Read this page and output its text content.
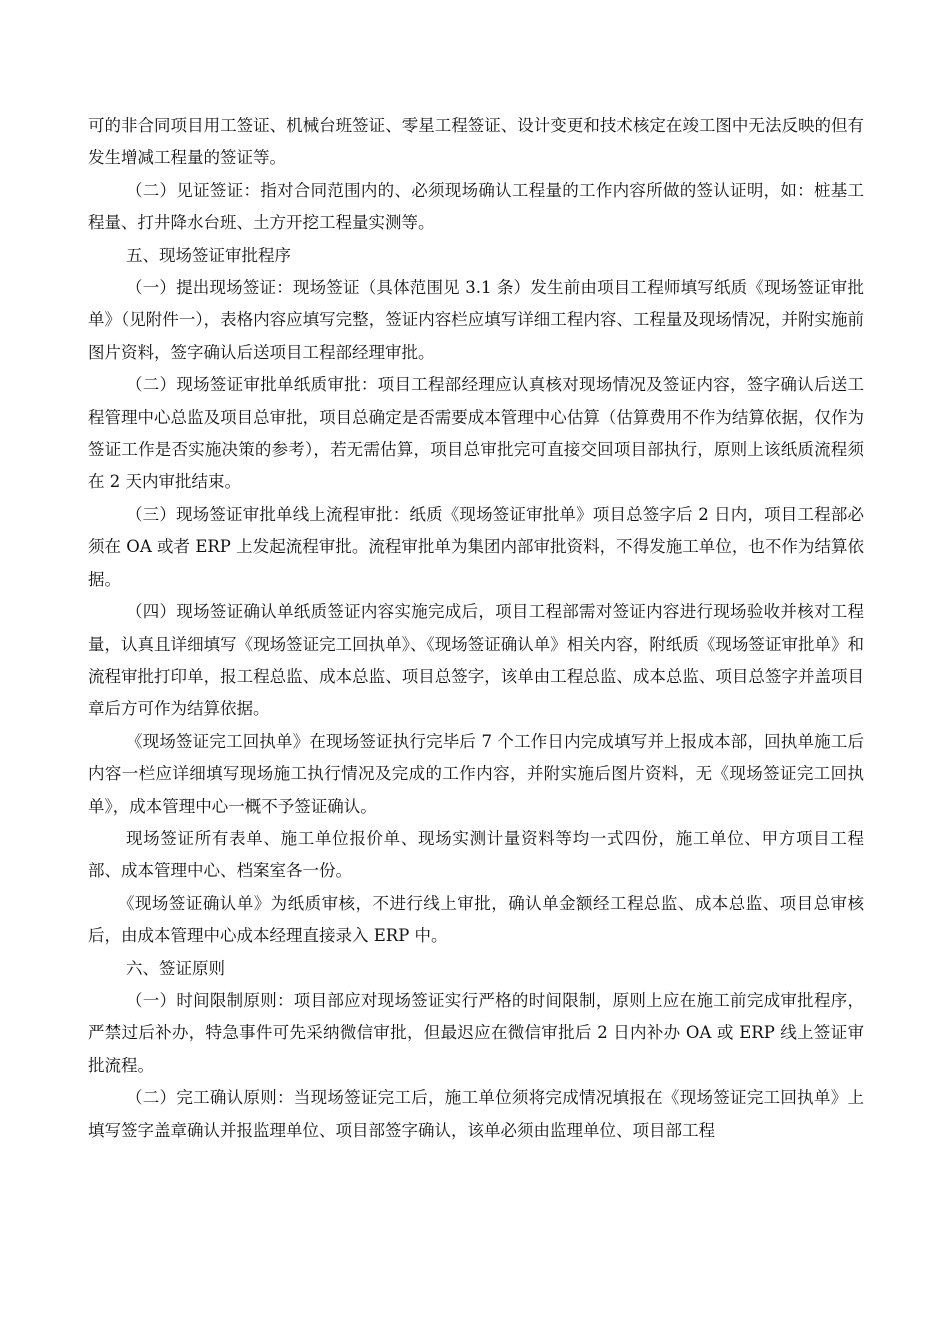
可的非合同项目用工签证、机械台班签证、零星工程签证、设计变更和技术核定在竣工图中无法反映的但有发生增减工程量的签证等。

（二）见证签证：指对合同范围内的、必须现场确认工程量的工作内容所做的签认证明，如：桩基工程量、打井降水台班、土方开挖工程量实测等。

五、现场签证审批程序

（一）提出现场签证：现场签证（具体范围见 3.1 条）发生前由项目工程师填写纸质《现场签证审批单》（见附件一），表格内容应填写完整，签证内容栏应填写详细工程内容、工程量及现场情况，并附实施前图片资料，签字确认后送项目工程部经理审批。

（二）现场签证审批单纸质审批：项目工程部经理应认真核对现场情况及签证内容，签字确认后送工程管理中心总监及项目总审批，项目总确定是否需要成本管理中心估算（估算费用不作为结算依据，仅作为签证工作是否实施决策的参考），若无需估算，项目总审批完可直接交回项目部执行，原则上该纸质流程须在 2 天内审批结束。

（三）现场签证审批单线上流程审批：纸质《现场签证审批单》项目总签字后 2 日内，项目工程部必须在 OA 或者 ERP 上发起流程审批。流程审批单为集团内部审批资料，不得发施工单位，也不作为结算依据。

（四）现场签证确认单纸质签证内容实施完成后，项目工程部需对签证内容进行现场验收并核对工程量，认真且详细填写《现场签证完工回执单》、《现场签证确认单》相关内容，附纸质《现场签证审批单》和流程审批打印单，报工程总监、成本总监、项目总签字，该单由工程总监、成本总监、项目总签字并盖项目章后方可作为结算依据。

《现场签证完工回执单》在现场签证执行完毕后 7 个工作日内完成填写并上报成本部，回执单施工后内容一栏应详细填写现场施工执行情况及完成的工作内容，并附实施后图片资料，无《现场签证完工回执单》，成本管理中心一概不予签证确认。

现场签证所有表单、施工单位报价单、现场实测计量资料等均一式四份，施工单位、甲方项目工程部、成本管理中心、档案室各一份。

《现场签证确认单》为纸质审核，不进行线上审批，确认单金额经工程总监、成本总监、项目总审核后，由成本管理中心成本经理直接录入 ERP 中。

六、签证原则

（一）时间限制原则：项目部应对现场签证实行严格的时间限制，原则上应在施工前完成审批程序，严禁过后补办，特急事件可先采纳微信审批，但最迟应在微信审批后 2 日内补办 OA 或 ERP 线上签证审批流程。

（二）完工确认原则：当现场签证完工后，施工单位须将完成情况填报在《现场签证完工回执单》上填写签字盖章确认并报监理单位、项目部签字确认，该单必须由监理单位、项目部工程
